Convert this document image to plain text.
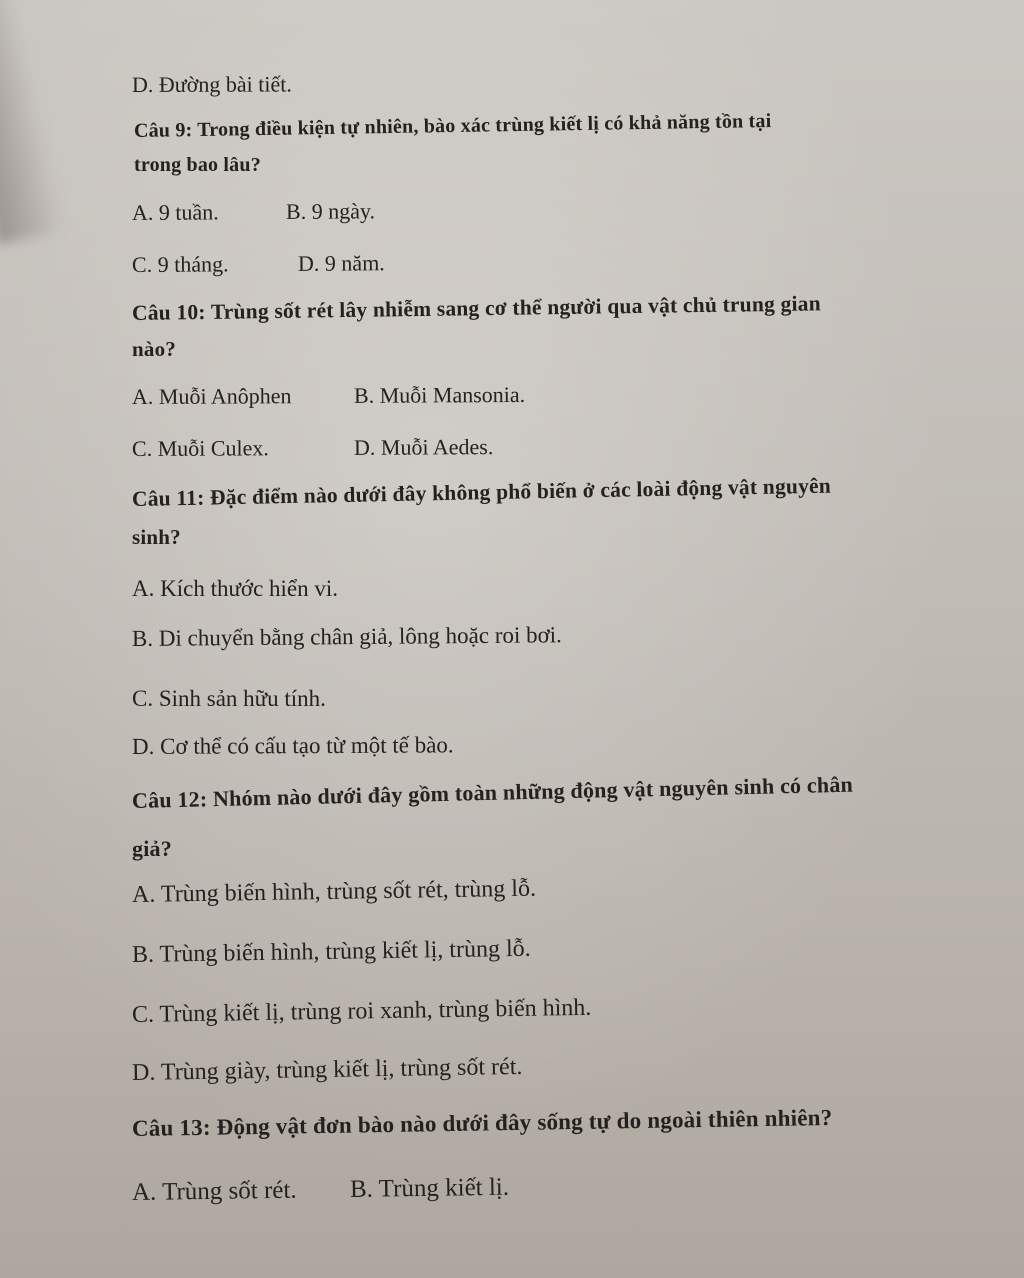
D. Đường bài tiết.
Câu 9: Trong điều kiện tự nhiên, bào xác trùng kiết lị có khả năng tồn tại
trong bao lâu?
A. 9 tuần.	B. 9 ngày.
C. 9 tháng.	D. 9 năm.
Câu 10: Trùng sốt rét lây nhiễm sang cơ thể người qua vật chủ trung gian
nào?
A. Muỗi Anôphen	B. Muỗi Mansonia.
C. Muỗi Culex.	D. Muỗi Aedes.
Câu 11: Đặc điểm nào dưới đây không phổ biến ở các loài động vật nguyên
sinh?
A. Kích thước hiển vi.
B. Di chuyển bằng chân giả, lông hoặc roi bơi.
C. Sinh sản hữu tính.
D. Cơ thể có cấu tạo từ một tế bào.
Câu 12: Nhóm nào dưới đây gồm toàn những động vật nguyên sinh có chân
giả?
A. Trùng biến hình, trùng sốt rét, trùng lỗ.
B. Trùng biến hình, trùng kiết lị, trùng lỗ.
C. Trùng kiết lị, trùng roi xanh, trùng biến hình.
D. Trùng giày, trùng kiết lị, trùng sốt rét.
Câu 13: Động vật đơn bào nào dưới đây sống tự do ngoài thiên nhiên?
A. Trùng sốt rét. B. Trùng kiết lị.
